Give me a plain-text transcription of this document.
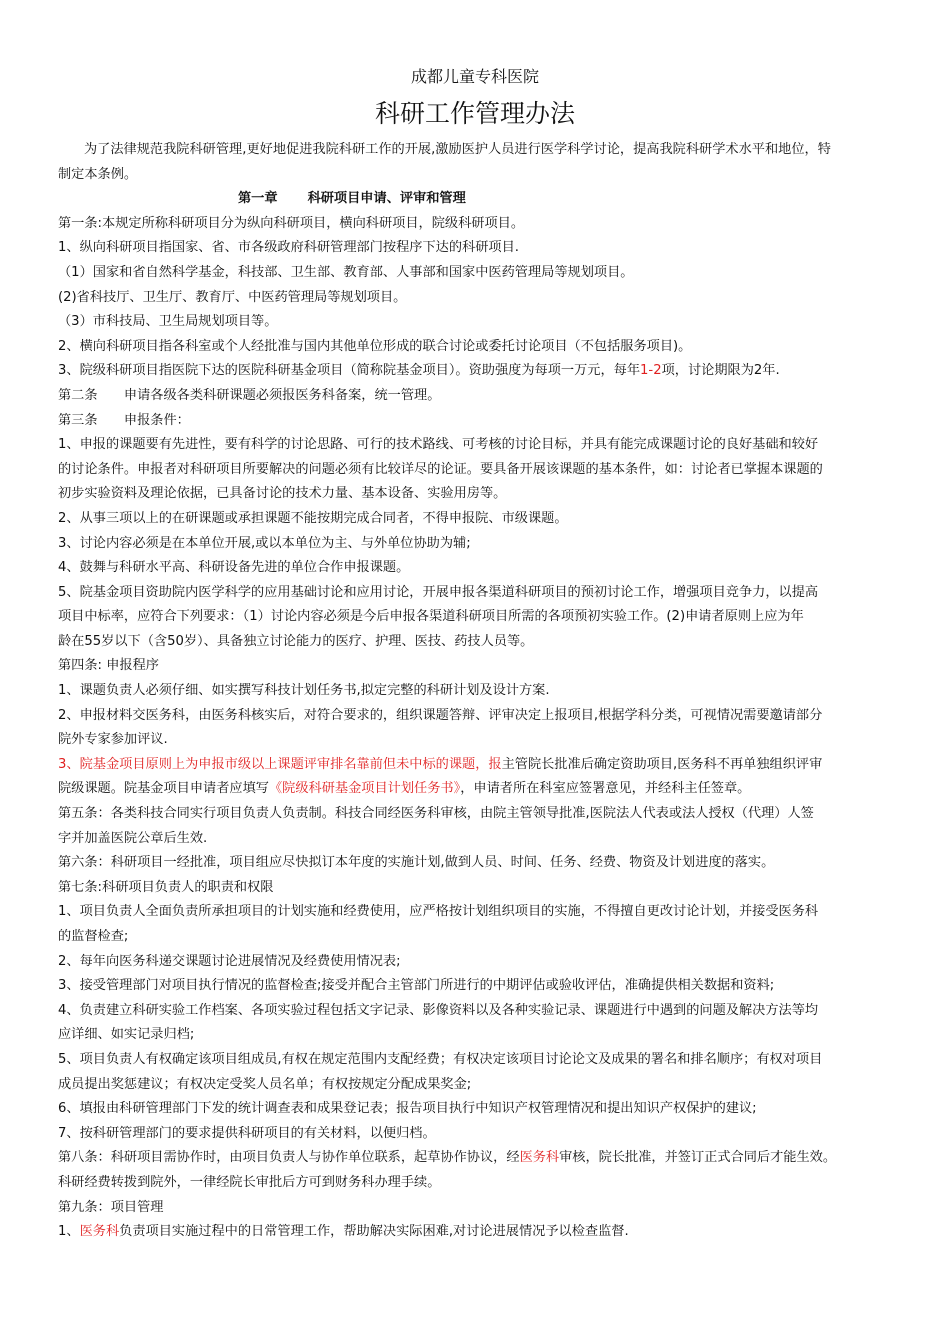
成都儿童专科医院
科研工作管理办法
为了法律规范我院科研管理,更好地促进我院科研工作的开展,激励医护人员进行医学科学讨论，提高我院科研学术水平和地位，特
制定本条例。
第一章 科研项目申请、评审和管理
第一条:本规定所称科研项目分为纵向科研项目，横向科研项目，院级科研项目。
1、纵向科研项目指国家、省、市各级政府科研管理部门按程序下达的科研项目.
（1）国家和省自然科学基金，科技部、卫生部、教育部、人事部和国家中医药管理局等规划项目。
(2)省科技厅、卫生厅、教育厅、中医药管理局等规划项目。
（3）市科技局、卫生局规划项目等。
2、横向科研项目指各科室或个人经批准与国内其他单位形成的联合讨论或委托讨论项目（不包括服务项目)。
3、院级科研项目指医院下达的医院科研基金项目（简称院基金项目）。资助强度为每项一万元，每年1-2项，讨论期限为2年.
第二条　　申请各级各类科研课题必须报医务科备案，统一管理。
第三条　　申报条件：
1、申报的课题要有先进性，要有科学的讨论思路、可行的技术路线、可考核的讨论目标，并具有能完成课题讨论的良好基础和较好
的讨论条件。申报者对科研项目所要解决的问题必须有比较详尽的论证。要具备开展该课题的基本条件，如：讨论者已掌握本课题的
初步实验资料及理论依据，已具备讨论的技术力量、基本设备、实验用房等。
2、从事三项以上的在研课题或承担课题不能按期完成合同者，不得申报院、市级课题。
3、讨论内容必须是在本单位开展,或以本单位为主、与外单位协助为辅;
4、鼓舞与科研水平高、科研设备先进的单位合作申报课题。
5、院基金项目资助院内医学科学的应用基础讨论和应用讨论，开展申报各渠道科研项目的预初讨论工作，增强项目竞争力，以提高
项目中标率，应符合下列要求：（1）讨论内容必须是今后申报各渠道科研项目所需的各项预初实验工作。(2)申请者原则上应为年
龄在55岁以下（含50岁）、具备独立讨论能力的医疗、护理、医技、药技人员等。
第四条: 申报程序
1、课题负责人必须仔细、如实撰写科技计划任务书,拟定完整的科研计划及设计方案.
2、申报材料交医务科，由医务科核实后，对符合要求的，组织课题答辩、评审决定上报项目,根据学科分类，可视情况需要邀请部分
院外专家参加评议.
3、院基金项目原则上为申报市级以上课题评审排名靠前但未中标的课题，报主管院长批准后确定资助项目,医务科不再单独组织评审
院级课题。院基金项目申请者应填写《院级科研基金项目计划任务书》，申请者所在科室应签署意见，并经科主任签章。
第五条：各类科技合同实行项目负责人负责制。科技合同经医务科审核，由院主管领导批准,医院法人代表或法人授权（代理）人签
字并加盖医院公章后生效.
第六条：科研项目一经批准，项目组应尽快拟订本年度的实施计划,做到人员、时间、任务、经费、物资及计划进度的落实。
第七条:科研项目负责人的职责和权限
1、项目负责人全面负责所承担项目的计划实施和经费使用，应严格按计划组织项目的实施，不得擅自更改讨论计划，并接受医务科
的监督检查;
2、每年向医务科递交课题讨论进展情况及经费使用情况表;
3、接受管理部门对项目执行情况的监督检查;接受并配合主管部门所进行的中期评估或验收评估，准确提供相关数据和资料;
4、负责建立科研实验工作档案、各项实验过程包括文字记录、影像资料以及各种实验记录、课题进行中遇到的问题及解决方法等均
应详细、如实记录归档;
5、项目负责人有权确定该项目组成员,有权在规定范围内支配经费；有权决定该项目讨论论文及成果的署名和排名顺序；有权对项目
成员提出奖惩建议；有权决定受奖人员名单；有权按规定分配成果奖金;
6、填报由科研管理部门下发的统计调查表和成果登记表；报告项目执行中知识产权管理情况和提出知识产权保护的建议;
7、按科研管理部门的要求提供科研项目的有关材料，以便归档。
第八条：科研项目需协作时，由项目负责人与协作单位联系，起草协作协议，经医务科审核，院长批准，并签订正式合同后才能生效。
科研经费转拨到院外，一律经院长审批后方可到财务科办理手续。
第九条：项目管理
1、医务科负责项目实施过程中的日常管理工作，帮助解决实际困难,对讨论进展情况予以检查监督.
